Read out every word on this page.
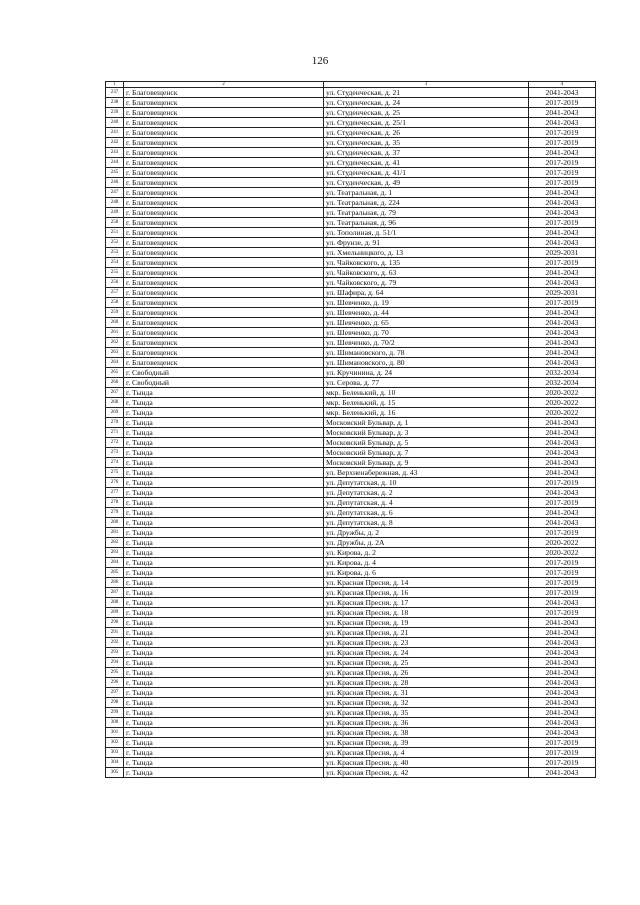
126
1	2	3	4
237	г. Благовещенск	ул. Студенческая, д. 21	2041-2043
238	г. Благовещенск	ул. Студенческая, д. 24	2017-2019
239	г. Благовещенск	ул. Студенческая, д. 25	2041-2043
240	г. Благовещенск	ул. Студенческая, д. 25/1	2041-2043
241	г. Благовещенск	ул. Студенческая, д. 26	2017-2019
242	г. Благовещенск	ул. Студенческая, д. 35	2017-2019
243	г. Благовещенск	ул. Студенческая, д. 37	2041-2043
244	г. Благовещенск	ул. Студенческая, д. 41	2017-2019
245	г. Благовещенск	ул. Студенческая, д. 41/1	2017-2019
246	г. Благовещенск	ул. Студенческая, д. 49	2017-2019
247	г. Благовещенск	ул. Театральная, д. 1	2041-2043
248	г. Благовещенск	ул. Театральная, д. 224	2041-2043
249	г. Благовещенск	ул. Театральная, д. 79	2041-2043
250	г. Благовещенск	ул. Театральная, д. 96	2017-2019
251	г. Благовещенск	ул. Тополиная, д. 51/1	2041-2043
252	г. Благовещенск	ул. Фрунзе, д. 91	2041-2043
253	г. Благовещенск	ул. Хмельницкого, д. 13	2029-2031
254	г. Благовещенск	ул. Чайковского, д. 135	2017-2019
255	г. Благовещенск	ул. Чайковского, д. 63	2041-2043
256	г. Благовещенск	ул. Чайковского, д. 79	2041-2043
257	г. Благовещенск	ул. Шафира, д. 64	2029-2031
258	г. Благовещенск	ул. Шевченко, д. 19	2017-2019
259	г. Благовещенск	ул. Шевченко, д. 44	2041-2043
260	г. Благовещенск	ул. Шевченко, д. 65	2041-2043
261	г. Благовещенск	ул. Шевченко, д. 70	2041-2043
262	г. Благовещенск	ул. Шевченко, д. 70/2	2041-2043
263	г. Благовещенск	ул. Шимановского, д. 78	2041-2043
264	г. Благовещенск	ул. Шимановского, д. 80	2041-2043
265	г. Свободный	ул. Кручинина, д. 24	2032-2034
266	г. Свободный	ул. Серова, д. 77	2032-2034
267	г. Тында	мкр. Беленький, д. 10	2020-2022
268	г. Тында	мкр. Беленький, д. 15	2020-2022
269	г. Тында	мкр. Беленький, д. 16	2020-2022
270	г. Тында	Московский Бульвар, д. 1	2041-2043
271	г. Тында	Московский Бульвар, д. 3	2041-2043
272	г. Тында	Московский Бульвар, д. 5	2041-2043
273	г. Тында	Московский Бульвар, д. 7	2041-2043
274	г. Тында	Московский Бульвар, д. 9	2041-2043
275	г. Тында	ул. Верхненабережная, д. 43	2041-2043
276	г. Тында	ул. Депутатская, д. 10	2017-2019
277	г. Тында	ул. Депутатская, д. 2	2041-2043
278	г. Тында	ул. Депутатская, д. 4	2017-2019
279	г. Тында	ул. Депутатская, д. 6	2041-2043
280	г. Тында	ул. Депутатская, д. 8	2041-2043
281	г. Тында	ул. Дружбы, д. 2	2017-2019
282	г. Тында	ул. Дружбы, д. 2А	2020-2022
283	г. Тында	ул. Кирова, д. 2	2020-2022
284	г. Тында	ул. Кирова, д. 4	2017-2019
285	г. Тында	ул. Кирова, д. 6	2017-2019
286	г. Тында	ул. Красная Пресня, д. 14	2017-2019
287	г. Тында	ул. Красная Пресня, д. 16	2017-2019
288	г. Тында	ул. Красная Пресня, д. 17	2041-2043
289	г. Тында	ул. Красная Пресня, д. 18	2017-2019
290	г. Тында	ул. Красная Пресня, д. 19	2041-2043
291	г. Тында	ул. Красная Пресня, д. 21	2041-2043
292	г. Тында	ул. Красная Пресня, д. 23	2041-2043
293	г. Тында	ул. Красная Пресня, д. 24	2041-2043
294	г. Тында	ул. Красная Пресня, д. 25	2041-2043
295	г. Тында	ул. Красная Пресня, д. 26	2041-2043
296	г. Тында	ул. Красная Пресня, д. 28	2041-2043
297	г. Тында	ул. Красная Пресня, д. 31	2041-2043
298	г. Тында	ул. Красная Пресня, д. 32	2041-2043
299	г. Тында	ул. Красная Пресня, д. 35	2041-2043
300	г. Тында	ул. Красная Пресня, д. 36	2041-2043
301	г. Тында	ул. Красная Пресня, д. 38	2041-2043
302	г. Тында	ул. Красная Пресня, д. 39	2017-2019
303	г. Тында	ул. Красная Пресня, д. 4	2017-2019
304	г. Тында	ул. Красная Пресня, д. 40	2017-2019
305	г. Тында	ул. Красная Пресня, д. 42	2041-2043
